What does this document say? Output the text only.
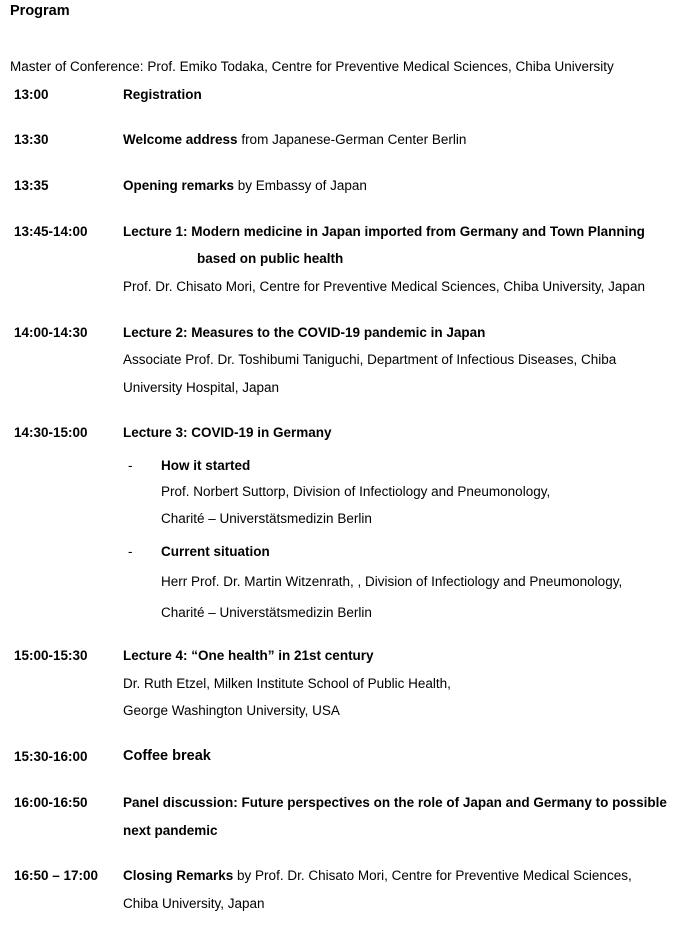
Program
Master of Conference: Prof. Emiko Todaka, Centre for Preventive Medical Sciences, Chiba University
13:00	Registration
13:30	Welcome address from Japanese-German Center Berlin
13:35	Opening remarks by Embassy of Japan
13:45-14:00	Lecture 1: Modern medicine in Japan imported from Germany and Town Planning
based on public health
Prof. Dr. Chisato Mori, Centre for Preventive Medical Sciences, Chiba University, Japan
14:00-14:30	Lecture 2: Measures to the COVID-19 pandemic in Japan
Associate Prof. Dr. Toshibumi Taniguchi, Department of Infectious Diseases, Chiba
University Hospital, Japan
14:30-15:00	Lecture 3: COVID-19 in Germany
- How it started
Prof. Norbert Suttorp, Division of Infectiology and Pneumonology,
Charité – Universtätsmedizin Berlin
- Current situation
Herr Prof. Dr. Martin Witzenrath, , Division of Infectiology and Pneumonology,
Charité – Universtätsmedizin Berlin
15:00-15:30	Lecture 4: “One health” in 21st century
Dr. Ruth Etzel, Milken Institute School of Public Health,
George Washington University, USA
15:30-16:00 Coffee break
16:00-16:50	Panel discussion: Future perspectives on the role of Japan and Germany to possible
next pandemic
16:50 – 17:00 Closing Remarks by Prof. Dr. Chisato Mori, Centre for Preventive Medical Sciences,
Chiba University, Japan
